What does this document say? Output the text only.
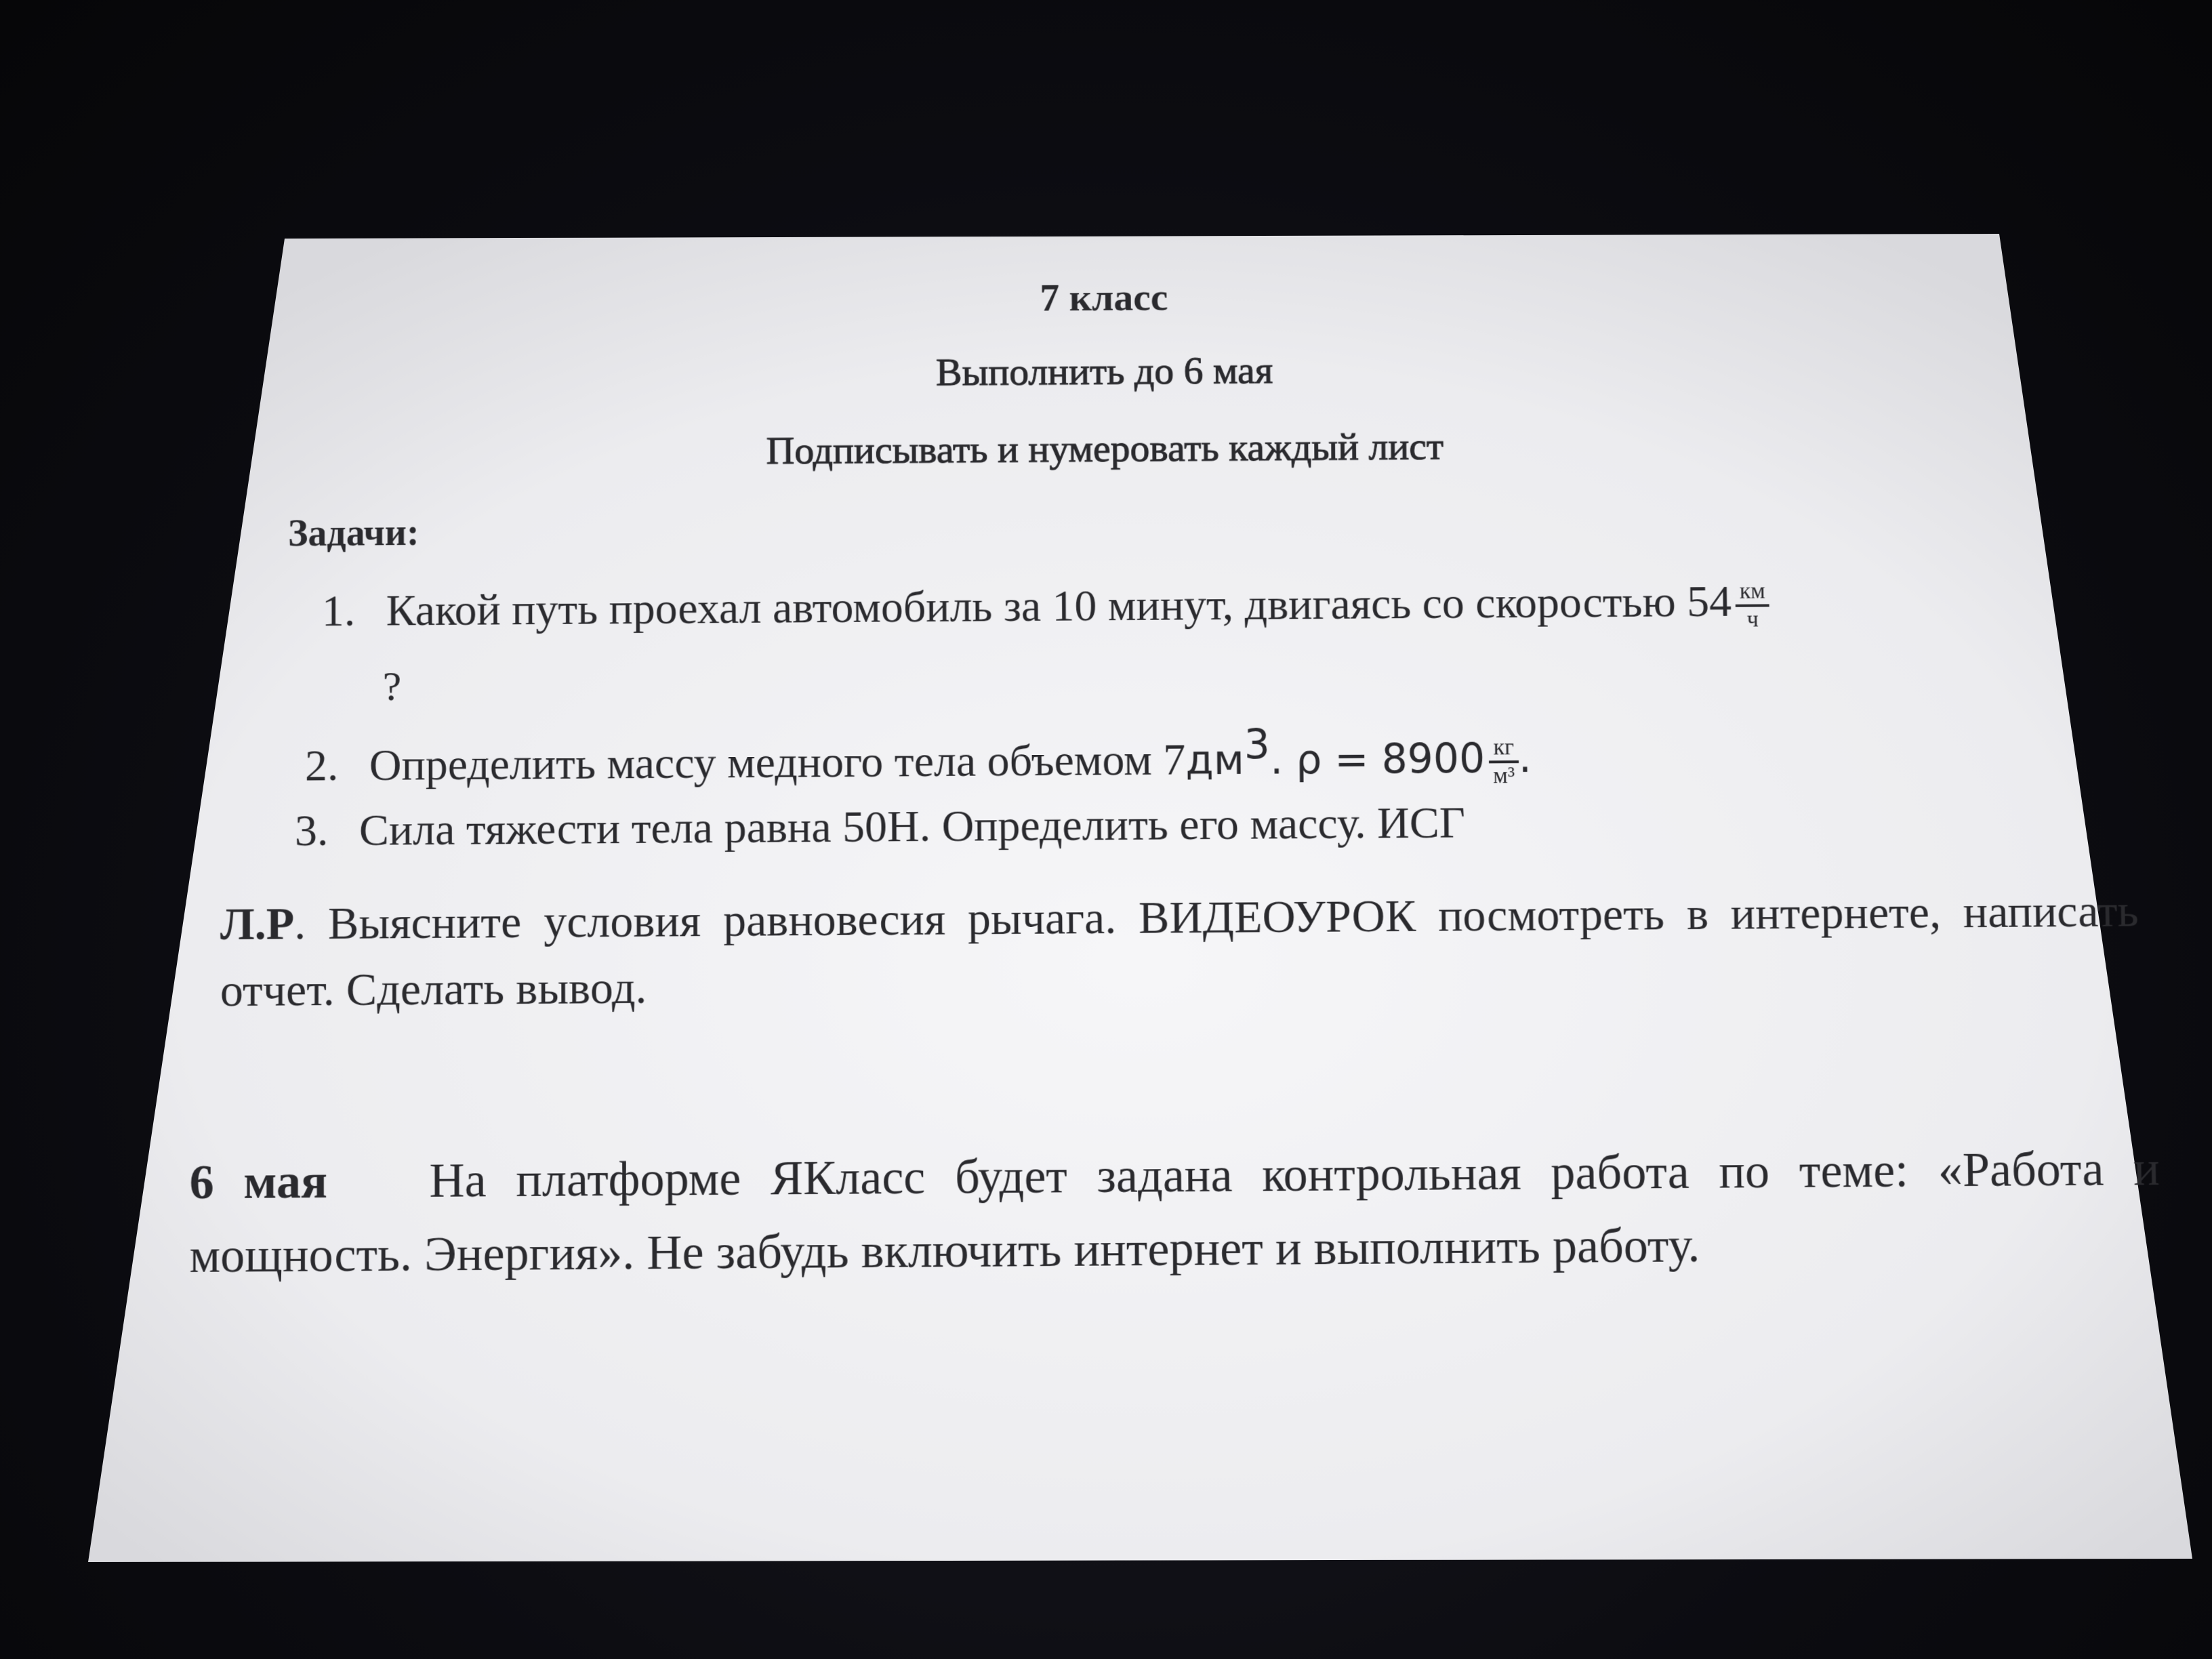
7 класс
Выполнить до 6 мая
Подписывать и нумеровать каждый лист
Задачи:
1. Какой путь проехал автомобиль за 10 минут, двигаясь со скоростью $54 \frac{км}{ч}$
?
2. Определить массу медного тела объемом $7дм^3$. $\rho = 8900 \frac{кг}{\text{м³}}$ .
3. Сила тяжести тела равна 50Н. Определить его массу. ИСГ
Л.Р. Выясните условия равновесия рычага. ВИДЕОУРОК посмотреть в интернете, написать отчет. Сделать вывод.
6 мая На платформе ЯКласс будет задана контрольная работа по теме: «Работа и мощность. Энергия». Не забудь включить интернет и выполнить работу.
